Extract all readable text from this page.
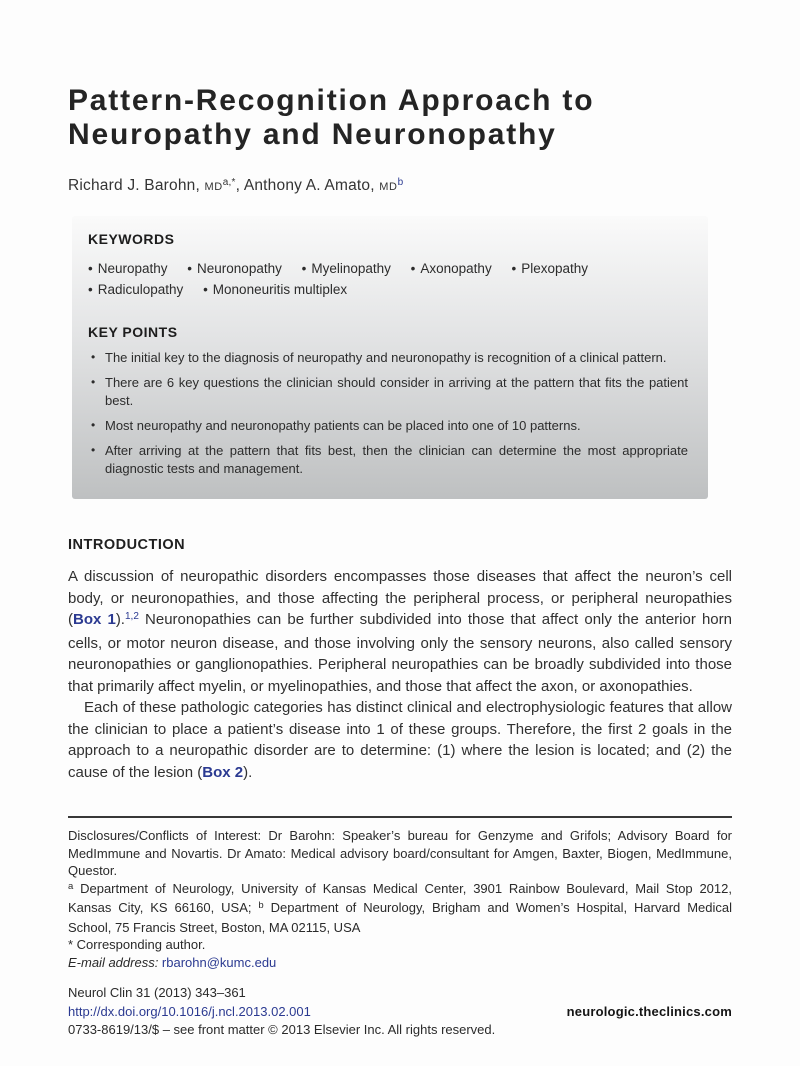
Pattern-Recognition Approach to Neuropathy and Neuronopathy

Richard J. Barohn, $MD^{a,*}$, Anthony A. Amato, $MD^b$

KEYWORDS
• Neuropathy • Neuronopathy • Myelinopathy • Axonopathy • Plexopathy • Radiculopathy • Mononeuritis multiplex
KEY POINTS
• The initial key to the diagnosis of neuropathy and neuronopathy is recognition of a clinical pattern.
• There are 6 key questions the clinician should consider in arriving at the pattern that fits the patient best.
• Most neuropathy and neuronopathy patients can be placed into one of 10 patterns.
• After arriving at the pattern that fits best, then the clinician can determine the most appropriate diagnostic tests and management.
INTRODUCTION

A discussion of neuropathic disorders encompasses those diseases that affect the neuron’s cell body, or neuronopathies, and those affecting the peripheral process, or peripheral neuropathies (Box 1).$^{1,2}$ Neuronopathies can be further subdivided into those that affect only the anterior horn cells, or motor neuron disease, and those involving only the sensory neurons, also called sensory neuronopathies or ganglionopathies. Peripheral neuropathies can be broadly subdivided into those that primarily affect myelin, or myelinopathies, and those that affect the axon, or axonopathies.

Each of these pathologic categories has distinct clinical and electrophysiologic features that allow the clinician to place a patient’s disease into 1 of these groups. Therefore, the first 2 goals in the approach to a neuropathic disorder are to determine: (1) where the lesion is located; and (2) the cause of the lesion (Box 2).

Disclosures/Conflicts of Interest: Dr Barohn: Speaker’s bureau for Genzyme and Grifols; Advisory Board for MedImmune and Novartis. Dr Amato: Medical advisory board/consultant for Amgen, Baxter, Biogen, MedImmune, Questor.

$^a$ Department of Neurology, University of Kansas Medical Center, 3901 Rainbow Boulevard, Mail Stop 2012, Kansas City, KS 66160, USA; $^b$ Department of Neurology, Brigham and Women’s Hospital, Harvard Medical School, 75 Francis Street, Boston, MA 02115, USA

* Corresponding author.

E-mail address: rbarohn@kumc.edu

Neurol Clin 31 (2013) 343–361

http://dx.doi.org/10.1016/j.ncl.2013.02.001	neurologic.theclinics.com

0733-8619/13/$ – see front matter © 2013 Elsevier Inc. All rights reserved.
